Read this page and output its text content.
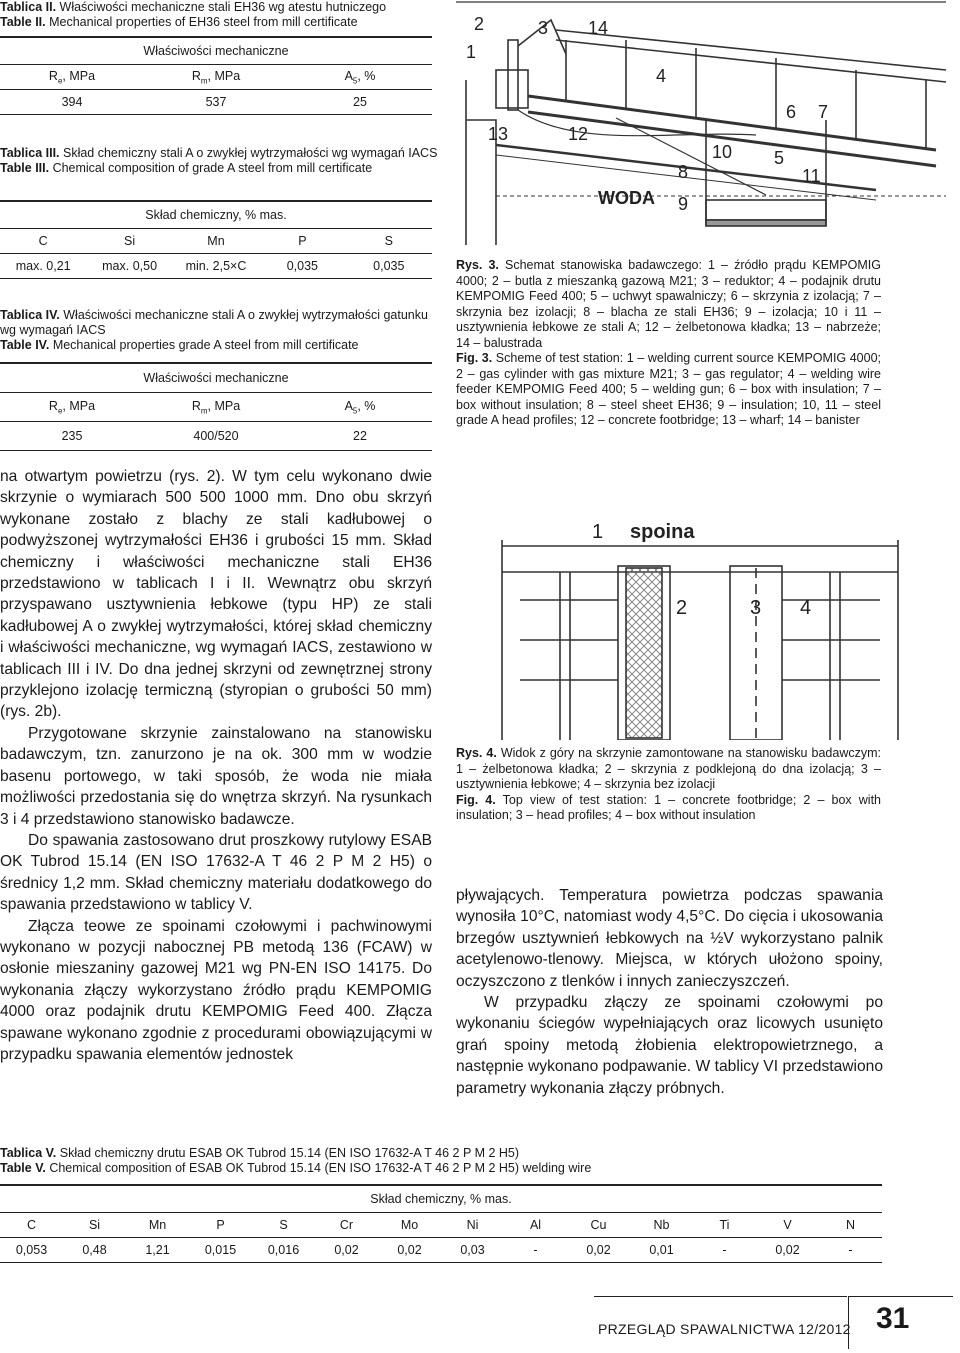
Tablica II. Właściwości mechaniczne stali EH36 wg atestu hutniczego
Table II. Mechanical properties of EH36 steel from mill certificate
Właściwości mechaniczne		
$R_e$, MPa	$R_m$, MPa	$A_5$, %
394	537	25
Tablica III. Skład chemiczny stali A o zwykłej wytrzymałości wg wymagań IACS
Table III. Chemical composition of grade A steel from mill certificate
Skład chemiczny, % mas.				
C	Si	Mn	P	S
max. 0,21	max. 0,50	min. 2,5×C	0,035	0,035
Tablica IV. Właściwości mechaniczne stali A o zwykłej wytrzymałości gatunku wg wymagań IACS
Table IV. Mechanical properties grade A steel from mill certificate
Właściwości mechaniczne		
$R_e$, MPa	$R_m$, MPa	$A_5$, %
235	400/520	22

na otwartym powietrzu (rys. 2). W tym celu wykonano dwie skrzynie o wymiarach 500 500 1000 mm. Dno obu skrzyń wykonane zostało z blachy ze stali kadłubowej o podwyższonej wytrzymałości EH36 i grubości 15 mm. Skład chemiczny i właściwości mechaniczne stali EH36 przedstawiono w tablicach I i II. Wewnątrz obu skrzyń przyspawano usztywnienia łebkowe (typu HP) ze stali kadłubowej A o zwykłej wytrzymałości, której skład chemiczny i właściwości mechaniczne, wg wymagań IACS, zestawiono w tablicach III i IV. Do dna jednej skrzyni od zewnętrznej strony przyklejono izolację termiczną (styropian o grubości 50 mm) (rys. 2b).

Przygotowane skrzynie zainstalowano na stanowisku badawczym, tzn. zanurzono je na ok. 300 mm w wodzie basenu portowego, w taki sposób, że woda nie miała możliwości przedostania się do wnętrza skrzyń. Na rysunkach 3 i 4 przedstawiono stanowisko badawcze.

Do spawania zastosowano drut proszkowy rutylowy ESAB OK Tubrod 15.14 (EN ISO 17632-A T 46 2 P M 2 H5) o średnicy 1,2 mm. Skład chemiczny materiału dodatkowego do spawania przedstawiono w tablicy V.

Złącza teowe ze spoinami czołowymi i pachwinowymi wykonano w pozycji nabocznej PB metodą 136 (FCAW) w osłonie mieszaniny gazowej M21 wg PN-EN ISO 14175. Do wykonania złączy wykorzystano źródło prądu KEMPOMIG 4000 oraz podajnik drutu KEMPOMIG Feed 400. Złącza spawane wykonano zgodnie z procedurami obowiązującymi w przypadku spawania elementów jednostek

1
2	3 14
4
6 7
13	12
10 5
11
8
9
WODA

Rys. 3. Schemat stanowiska badawczego: 1 – źródło prądu KEMPOMIG 4000; 2 – butla z mieszanką gazową M21; 3 – reduktor; 4 – podajnik drutu KEMPOMIG Feed 400; 5 – uchwyt spawalniczy; 6 – skrzynia z izolacją; 7 – skrzynia bez izolacji; 8 – blacha ze stali EH36; 9 – izolacja; 10 i 11 – usztywnienia łebkowe ze stali A; 12 – żelbetonowa kładka; 13 – nabrzeże; 14 – balustrada

Fig. 3. Scheme of test station: 1 – welding current source KEMPOMIG 4000; 2 – gas cylinder with gas mixture M21; 3 – gas regulator; 4 – welding wire feeder KEMPOMIG Feed 400; 5 – welding gun; 6 – box with insulation; 7 – box without insulation; 8 – steel sheet EH36; 9 – insulation; 10, 11 – steel grade A head profiles; 12 – concrete footbridge; 13 – wharf; 14 – banister

1 spoina
2	3 4

Rys. 4. Widok z góry na skrzynie zamontowane na stanowisku badawczym: 1 – żelbetonowa kładka; 2 – skrzynia z podklejoną do dna izolacją; 3 – usztywnienia łebkowe; 4 – skrzynia bez izolacji

Fig. 4. Top view of test station: 1 – concrete footbridge; 2 – box with insulation; 3 – head profiles; 4 – box without insulation

pływających. Temperatura powietrza podczas spawania wynosiła 10°C, natomiast wody 4,5°C. Do cięcia i ukosowania brzegów usztywnień łebkowych na ½V wykorzystano palnik acetylenowo-tlenowy. Miejsca, w których ułożono spoiny, oczyszczono z tlenków i innych zanieczyszczeń.

W przypadku złączy ze spoinami czołowymi po wykonaniu ściegów wypełniających oraz licowych usunięto grań spoiny metodą żłobienia elektropowietrznego, a następnie wykonano podpawanie. W tablicy VI przedstawiono parametry wykonania złączy próbnych.

Tablica V. Skład chemiczny drutu ESAB OK Tubrod 15.14 (EN ISO 17632-A T 46 2 P M 2 H5)
Table V. Chemical composition of ESAB OK Tubrod 15.14 (EN ISO 17632-A T 46 2 P M 2 H5) welding wire
Skład chemiczny, % mas.													
C	Si	Mn	P	S	Cr	Mo	Ni	Al	Cu	Nb	Ti	V	N
0,053	0,48	1,21	0,015	0,016	0,02	0,02	0,03	-	0,02	0,01	-	0,02	-
PRZEGLĄD SPAWALNICTWA 12/2012 31
